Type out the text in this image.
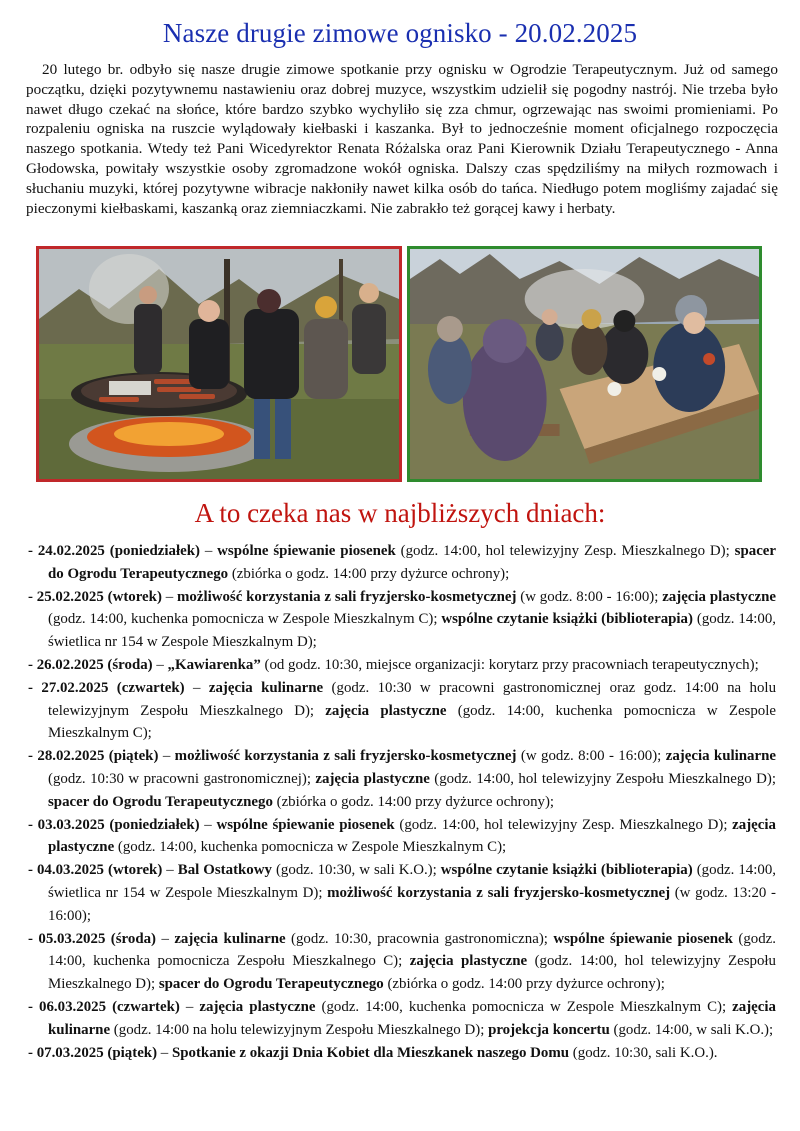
Nasze drugie zimowe ognisko - 20.02.2025

20 lutego br. odbyło się nasze drugie zimowe spotkanie przy ognisku w Ogrodzie Terapeutycznym. Już od samego początku, dzięki pozytywnemu nastawieniu oraz dobrej muzyce, wszystkim udzielił się pogodny nastrój. Nie trzeba było nawet długo czekać na słońce, które bardzo szybko wychyliło się zza chmur, ogrzewając nas swoimi promieniami. Po rozpaleniu ogniska na ruszcie wylądowały kiełbaski i kaszanka. Był to jednocześnie moment oficjalnego rozpoczęcia naszego spotkania. Wtedy też Pani Wicedyrektor Renata Różalska oraz Pani Kierownik Działu Terapeutycznego - Anna Głodowska, powitały wszystkie osoby zgromadzone wokół ogniska. Dalszy czas spędziliśmy na miłych rozmowach i słuchaniu muzyki, której pozytywne wibracje nakłoniły nawet kilka osób do tańca. Niedługo potem mogliśmy zajadać się pieczonymi kiełbaskami, kaszanką oraz ziemniaczkami. Nie zabrakło też gorącej kawy i herbaty.

A to czeka nas w najbliższych dniach:
- 24.02.2025 (poniedziałek) – wspólne śpiewanie piosenek (godz. 14:00, hol telewizyjny Zesp. Mieszkalnego D); spacer do Ogrodu Terapeutycznego (zbiórka o godz. 14:00 przy dyżurce ochrony);
- 25.02.2025 (wtorek) – możliwość korzystania z sali fryzjersko-kosmetycznej (w godz. 8:00 - 16:00); zajęcia plastyczne (godz. 14:00, kuchenka pomocnicza w Zespole Mieszkalnym C); wspólne czytanie książki (biblioterapia) (godz. 14:00, świetlica nr 154 w Zespole Mieszkalnym D);
- 26.02.2025 (środa) – „Kawiarenka” (od godz. 10:30, miejsce organizacji: korytarz przy pracowniach terapeutycznych);
- 27.02.2025 (czwartek) – zajęcia kulinarne (godz. 10:30 w pracowni gastronomicznej oraz godz. 14:00 na holu telewizyjnym Zespołu Mieszkalnego D); zajęcia plastyczne (godz. 14:00, kuchenka pomocnicza w Zespole Mieszkalnym C);
- 28.02.2025 (piątek) – możliwość korzystania z sali fryzjersko-kosmetycznej (w godz. 8:00 - 16:00); zajęcia kulinarne (godz. 10:30 w pracowni gastronomicznej); zajęcia plastyczne (godz. 14:00, hol telewizyjny Zespołu Mieszkalnego D); spacer do Ogrodu Terapeutycznego (zbiórka o godz. 14:00 przy dyżurce ochrony);
- 03.03.2025 (poniedziałek) – wspólne śpiewanie piosenek (godz. 14:00, hol telewizyjny Zesp. Mieszkalnego D); zajęcia plastyczne (godz. 14:00, kuchenka pomocnicza w Zespole Mieszkalnym C);
- 04.03.2025 (wtorek) – Bal Ostatkowy (godz. 10:30, w sali K.O.); wspólne czytanie książki (biblioterapia) (godz. 14:00, świetlica nr 154 w Zespole Mieszkalnym D); możliwość korzystania z sali fryzjersko-kosmetycznej (w godz. 13:20 - 16:00);
- 05.03.2025 (środa) – zajęcia kulinarne (godz. 10:30, pracownia gastronomiczna); wspólne śpiewanie piosenek (godz. 14:00, kuchenka pomocnicza Zespołu Mieszkalnego C); zajęcia plastyczne (godz. 14:00, hol telewizyjny Zespołu Mieszkalnego D); spacer do Ogrodu Terapeutycznego (zbiórka o godz. 14:00 przy dyżurce ochrony);
- 06.03.2025 (czwartek) – zajęcia plastyczne (godz. 14:00, kuchenka pomocnicza w Zespole Mieszkalnym C); zajęcia kulinarne (godz. 14:00 na holu telewizyjnym Zespołu Mieszkalnego D); projekcja koncertu (godz. 14:00, w sali K.O.);
- 07.03.2025 (piątek) – Spotkanie z okazji Dnia Kobiet dla Mieszkanek naszego Domu (godz. 10:30, sali K.O.).
